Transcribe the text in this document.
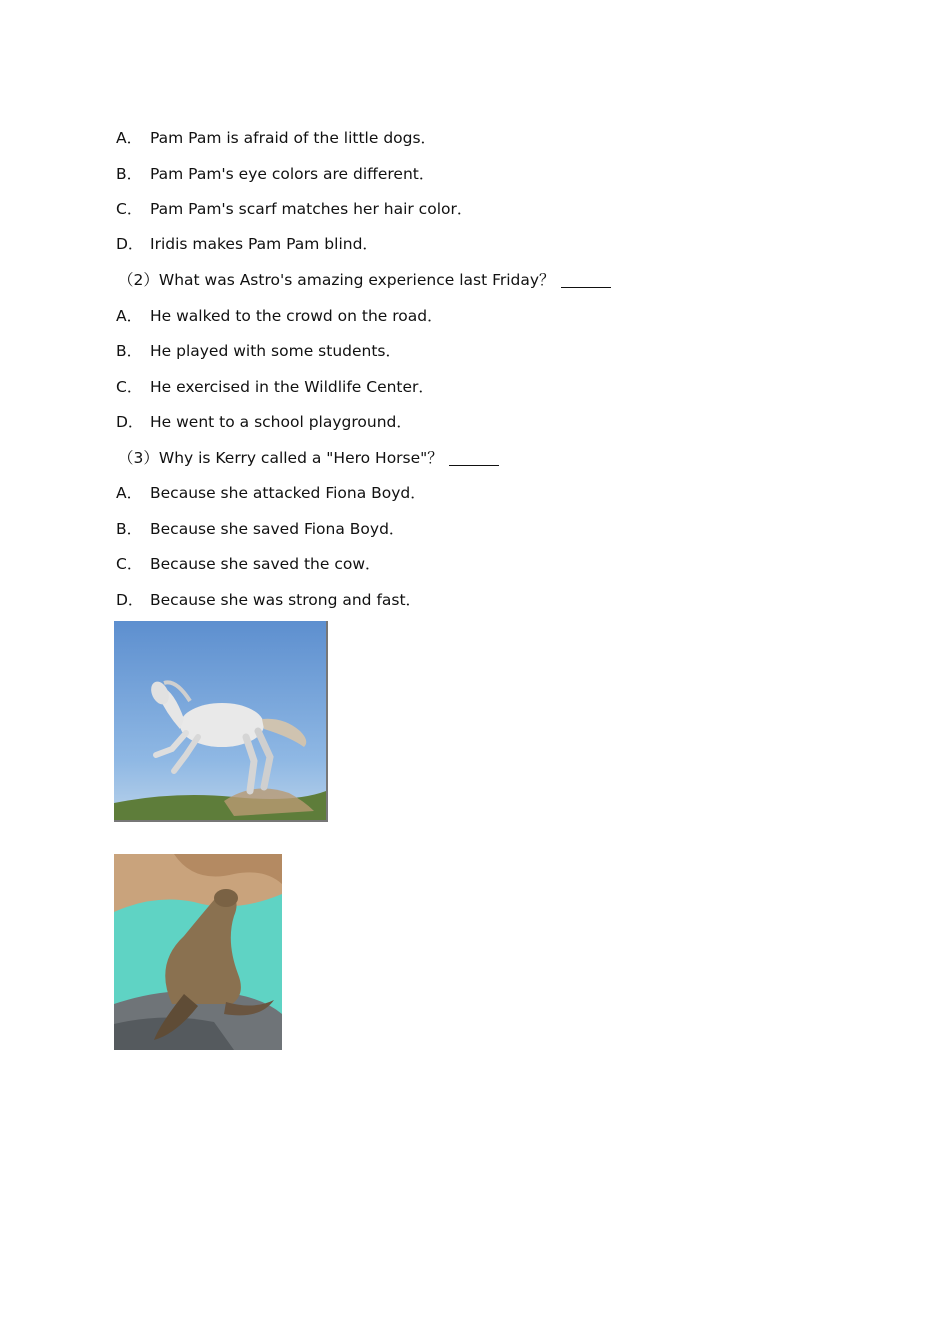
A． Pam Pam is afraid of the little dogs．
B． Pam Pam's eye colors are different．
C． Pam Pam's scarf matches her hair color．
D． Iridis makes Pam Pam blind．
（2）What was Astro's amazing experience last Friday？
A． He walked to the crowd on the road．
B． He played with some students．
C． He exercised in the Wildlife Center．
D． He went to a school playground．
（3）Why is Kerry called a "Hero Horse"？
A． Because she attacked Fiona Boyd．
B． Because she saved Fiona Boyd．
C． Because she saved the cow．
D． Because she was strong and fast．
